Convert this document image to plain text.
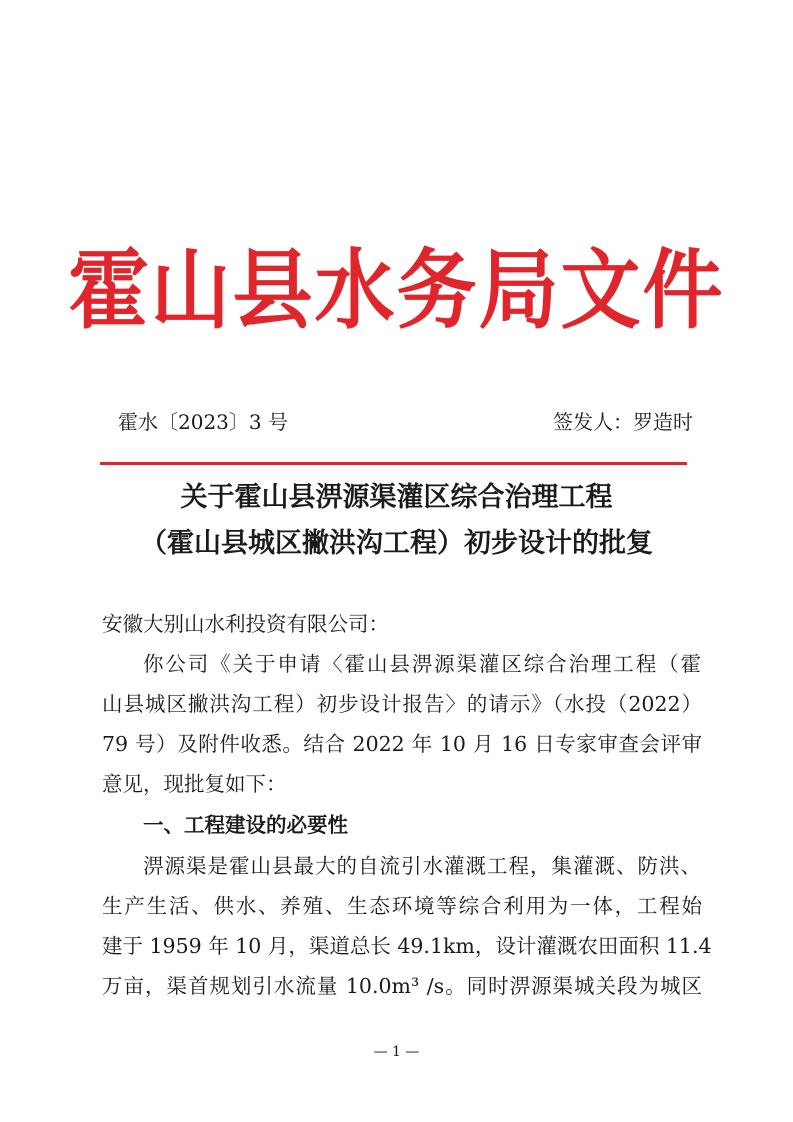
霍山县水务局文件
霍水〔2023〕3 号	签发人：罗造时
关于霍山县淠源渠灌区综合治理工程
（霍山县城区撇洪沟工程）初步设计的批复
安徽大别山水利投资有限公司：
你公司《关于申请〈霍山县淠源渠灌区综合治理工程（霍
山县城区撇洪沟工程）初步设计报告〉的请示》（水投（2022）
79 号）及附件收悉。结合 2022 年 10 月 16 日专家审查会评审
意见，现批复如下：
一、工程建设的必要性
淠源渠是霍山县最大的自流引水灌溉工程，集灌溉、防洪、
生产生活、供水、养殖、生态环境等综合利用为一体，工程始
建于 1959 年 10 月，渠道总长 49.1km，设计灌溉农田面积 11.4
万亩，渠首规划引水流量 10.0m³ /s。同时淠源渠城关段为城区
— 1 —
